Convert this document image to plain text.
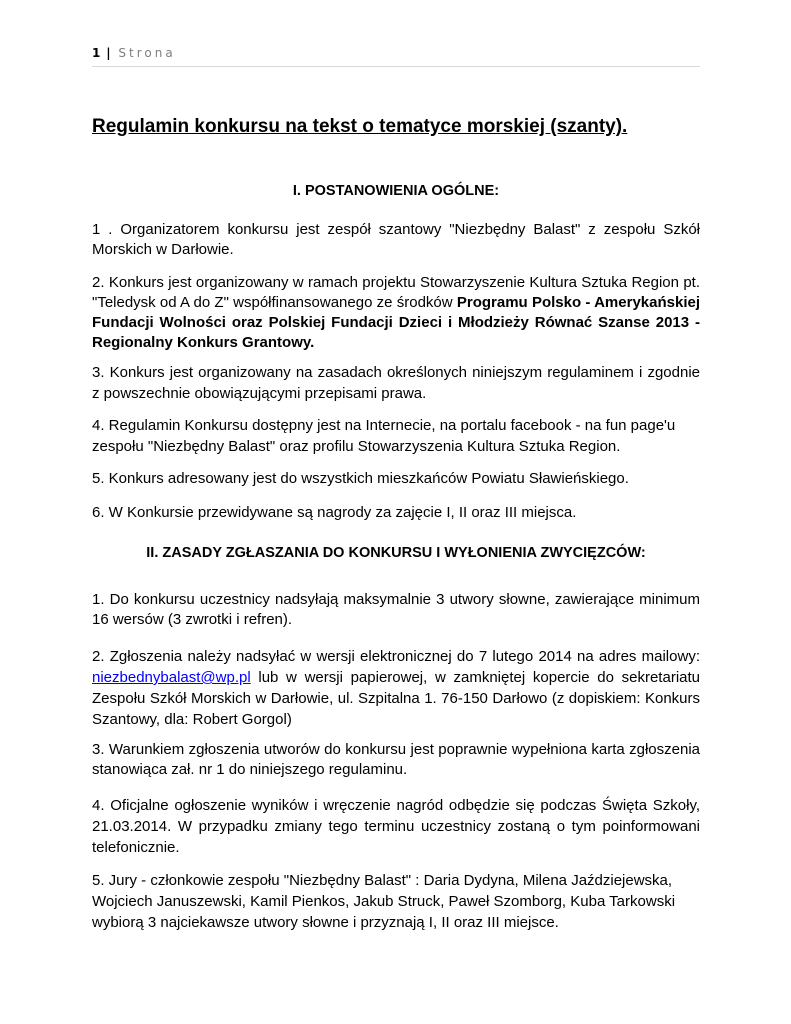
1 | Strona
Regulamin konkursu na tekst o tematyce morskiej (szanty).
I. POSTANOWIENIA OGÓLNE:

1 . Organizatorem konkursu jest zespół szantowy "Niezbędny Balast" z zespołu Szkół Morskich w Darłowie.

2. Konkurs jest organizowany w ramach projektu Stowarzyszenie Kultura Sztuka Region pt. "Teledysk od A do Z" współfinansowanego ze środków Programu Polsko - Amerykańskiej Fundacji Wolności oraz Polskiej Fundacji Dzieci i Młodzieży Równać Szanse 2013 - Regionalny Konkurs Grantowy.

3. Konkurs jest organizowany na zasadach określonych niniejszym regulaminem i zgodnie z powszechnie obowiązującymi przepisami prawa.

4. Regulamin Konkursu dostępny jest na Internecie, na portalu facebook - na fun page'u zespołu "Niezbędny Balast" oraz profilu Stowarzyszenia Kultura Sztuka Region.

5. Konkurs adresowany jest do wszystkich mieszkańców Powiatu Sławieńskiego.

6. W Konkursie przewidywane są nagrody za zajęcie I, II oraz III miejsca.

II. ZASADY ZGŁASZANIA DO KONKURSU I WYŁONIENIA ZWYCIĘZCÓW:

1. Do konkursu uczestnicy nadsyłają maksymalnie 3 utwory słowne, zawierające minimum 16 wersów (3 zwrotki i refren).

2. Zgłoszenia należy nadsyłać w wersji elektronicznej do 7 lutego 2014 na adres mailowy: niezbednybalast@wp.pl lub w wersji papierowej, w zamkniętej kopercie do sekretariatu Zespołu Szkół Morskich w Darłowie, ul. Szpitalna 1. 76-150 Darłowo (z dopiskiem: Konkurs Szantowy, dla: Robert Gorgol)

3. Warunkiem zgłoszenia utworów do konkursu jest poprawnie wypełniona karta zgłoszenia stanowiąca zał. nr 1 do niniejszego regulaminu.

4. Oficjalne ogłoszenie wyników i wręczenie nagród odbędzie się podczas Święta Szkoły, 21.03.2014. W przypadku zmiany tego terminu uczestnicy zostaną o tym poinformowani telefonicznie.

5. Jury - członkowie zespołu "Niezbędny Balast" : Daria Dydyna, Milena Jaździejewska, Wojciech Januszewski, Kamil Pienkos, Jakub Struck, Paweł Szomborg, Kuba Tarkowski wybiorą 3 najciekawsze utwory słowne i przyznają I, II oraz III miejsce.
